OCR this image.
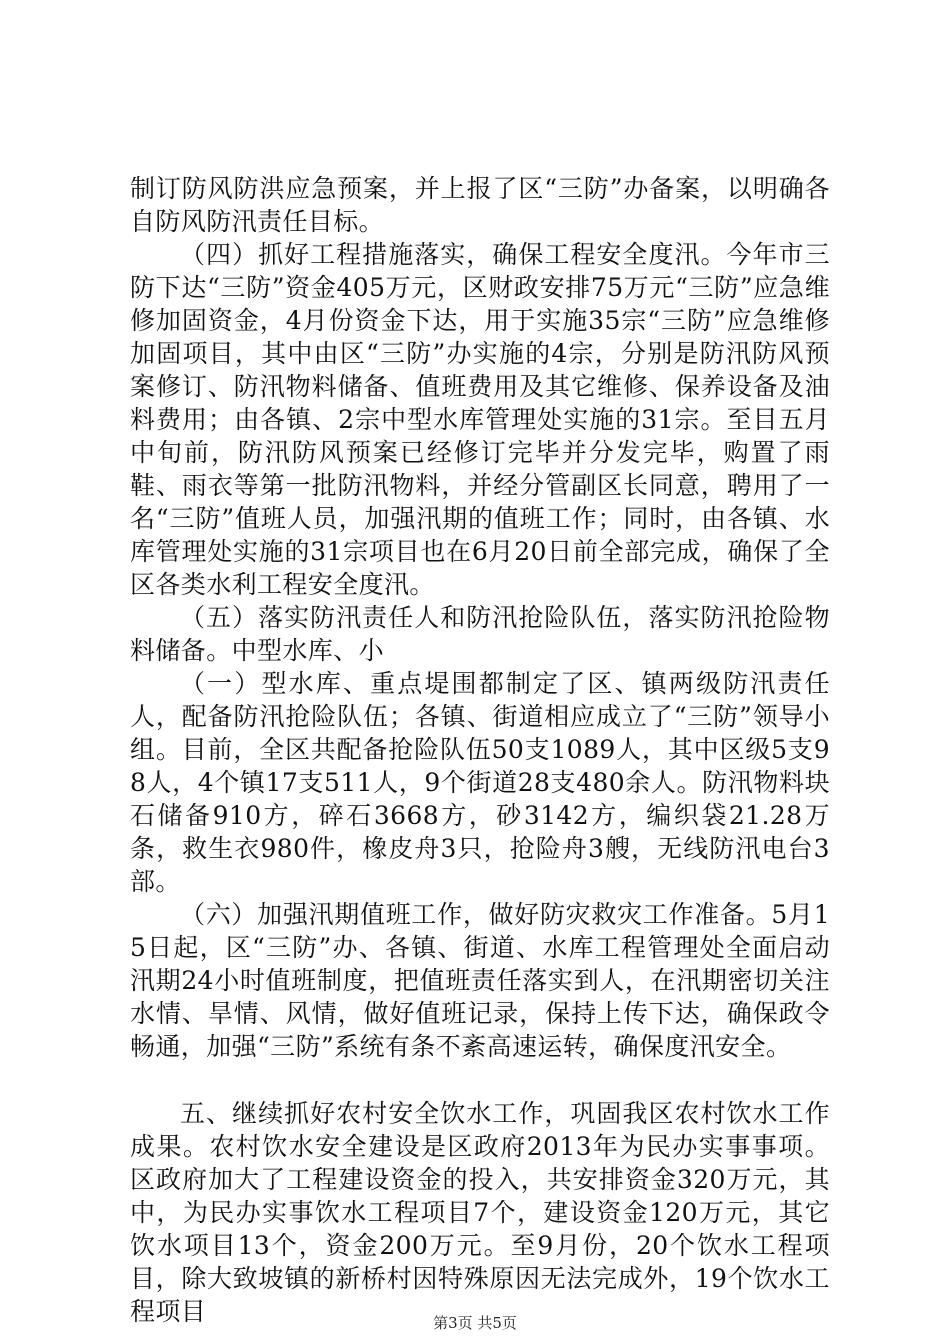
制订防风防洪应急预案，并上报了区“三防”办备案，以明确各自防风防汛责任目标。

（四）抓好工程措施落实，确保工程安全度汛。今年市三防下达“三防”资金405万元，区财政安排75万元“三防”应急维修加固资金，4月份资金下达，用于实施35宗“三防”应急维修加固项目，其中由区“三防”办实施的4宗，分别是防汛防风预案修订、防汛物料储备、值班费用及其它维修、保养设备及油料费用；由各镇、2宗中型水库管理处实施的31宗。至目五月中旬前，防汛防风预案已经修订完毕并分发完毕，购置了雨鞋、雨衣等第一批防汛物料，并经分管副区长同意，聘用了一名“三防”值班人员，加强汛期的值班工作；同时，由各镇、水库管理处实施的31宗项目也在6月20日前全部完成，确保了全区各类水利工程安全度汛。

（五）落实防汛责任人和防汛抢险队伍，落实防汛抢险物料储备。中型水库、小

（一）型水库、重点堤围都制定了区、镇两级防汛责任人，配备防汛抢险队伍；各镇、街道相应成立了“三防”领导小组。目前，全区共配备抢险队伍50支1089人，其中区级5支98人，4个镇17支511人，9个街道28支480余人。防汛物料块石储备910方，碎石3668方，砂3142方，编织袋21.28万条，救生衣980件，橡皮舟3只，抢险舟3艘，无线防汛电台3部。

（六）加强汛期值班工作，做好防灾救灾工作准备。5月15日起，区“三防”办、各镇、街道、水库工程管理处全面启动汛期24小时值班制度，把值班责任落实到人，在汛期密切关注水情、旱情、风情，做好值班记录，保持上传下达，确保政令畅通，加强“三防”系统有条不紊高速运转，确保度汛安全。

五、继续抓好农村安全饮水工作，巩固我区农村饮水工作成果。农村饮水安全建设是区政府2013年为民办实事事项。区政府加大了工程建设资金的投入，共安排资金320万元，其中，为民办实事饮水工程项目7个，建设资金120万元，其它饮水项目13个，资金200万元。至9月份，20个饮水工程项目，除大致坡镇的新桥村因特殊原因无法完成外，19个饮水工程项目	第3页 共5页
